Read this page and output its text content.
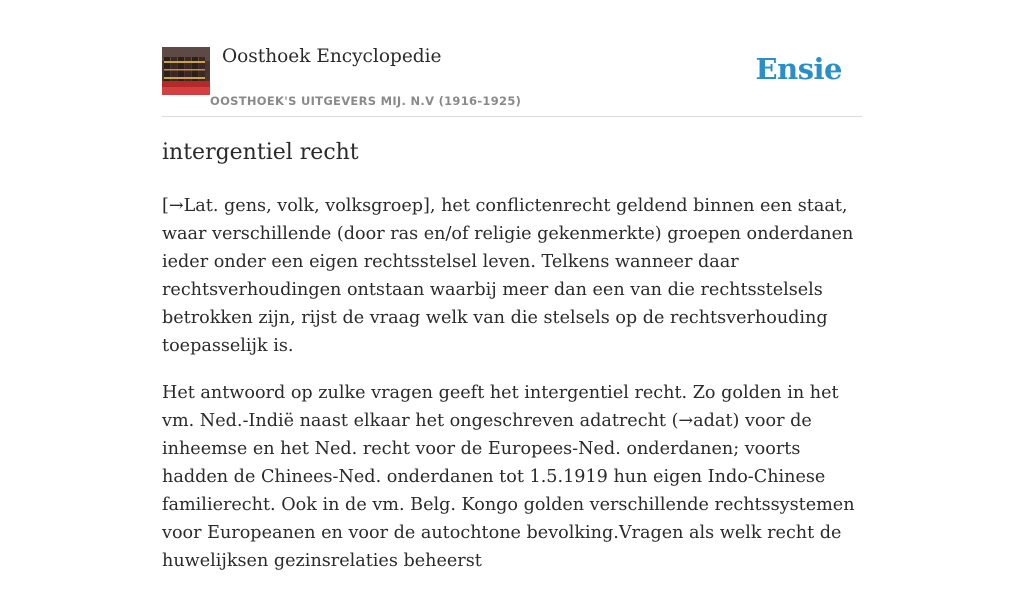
Oosthoek Encyclopedie
OOSTHOEK'S UITGEVERS MIJ. N.V (1916-1925)
Ensie
intergentiel recht

[→Lat. gens, volk, volksgroep], het conflictenrecht geldend binnen een staat, waar verschillende (door ras en/of religie gekenmerkte) groepen onderdanen ieder onder een eigen rechtsstelsel leven. Telkens wanneer daar rechtsverhoudingen ontstaan waarbij meer dan een van die rechtsstelsels betrokken zijn, rijst de vraag welk van die stelsels op de rechtsverhouding toepasselijk is.

Het antwoord op zulke vragen geeft het intergentiel recht. Zo golden in het vm. Ned.-Indië naast elkaar het ongeschreven adatrecht (→adat) voor de inheemse en het Ned. recht voor de Europees-Ned. onderdanen; voorts hadden de Chinees-Ned. onderdanen tot 1.5.1919 hun eigen Indo-Chinese familierecht. Ook in de vm. Belg. Kongo golden verschillende rechtssystemen voor Europeanen en voor de autochtone bevolking.Vragen als welk recht de huwelijksen gezinsrelaties beheerst
